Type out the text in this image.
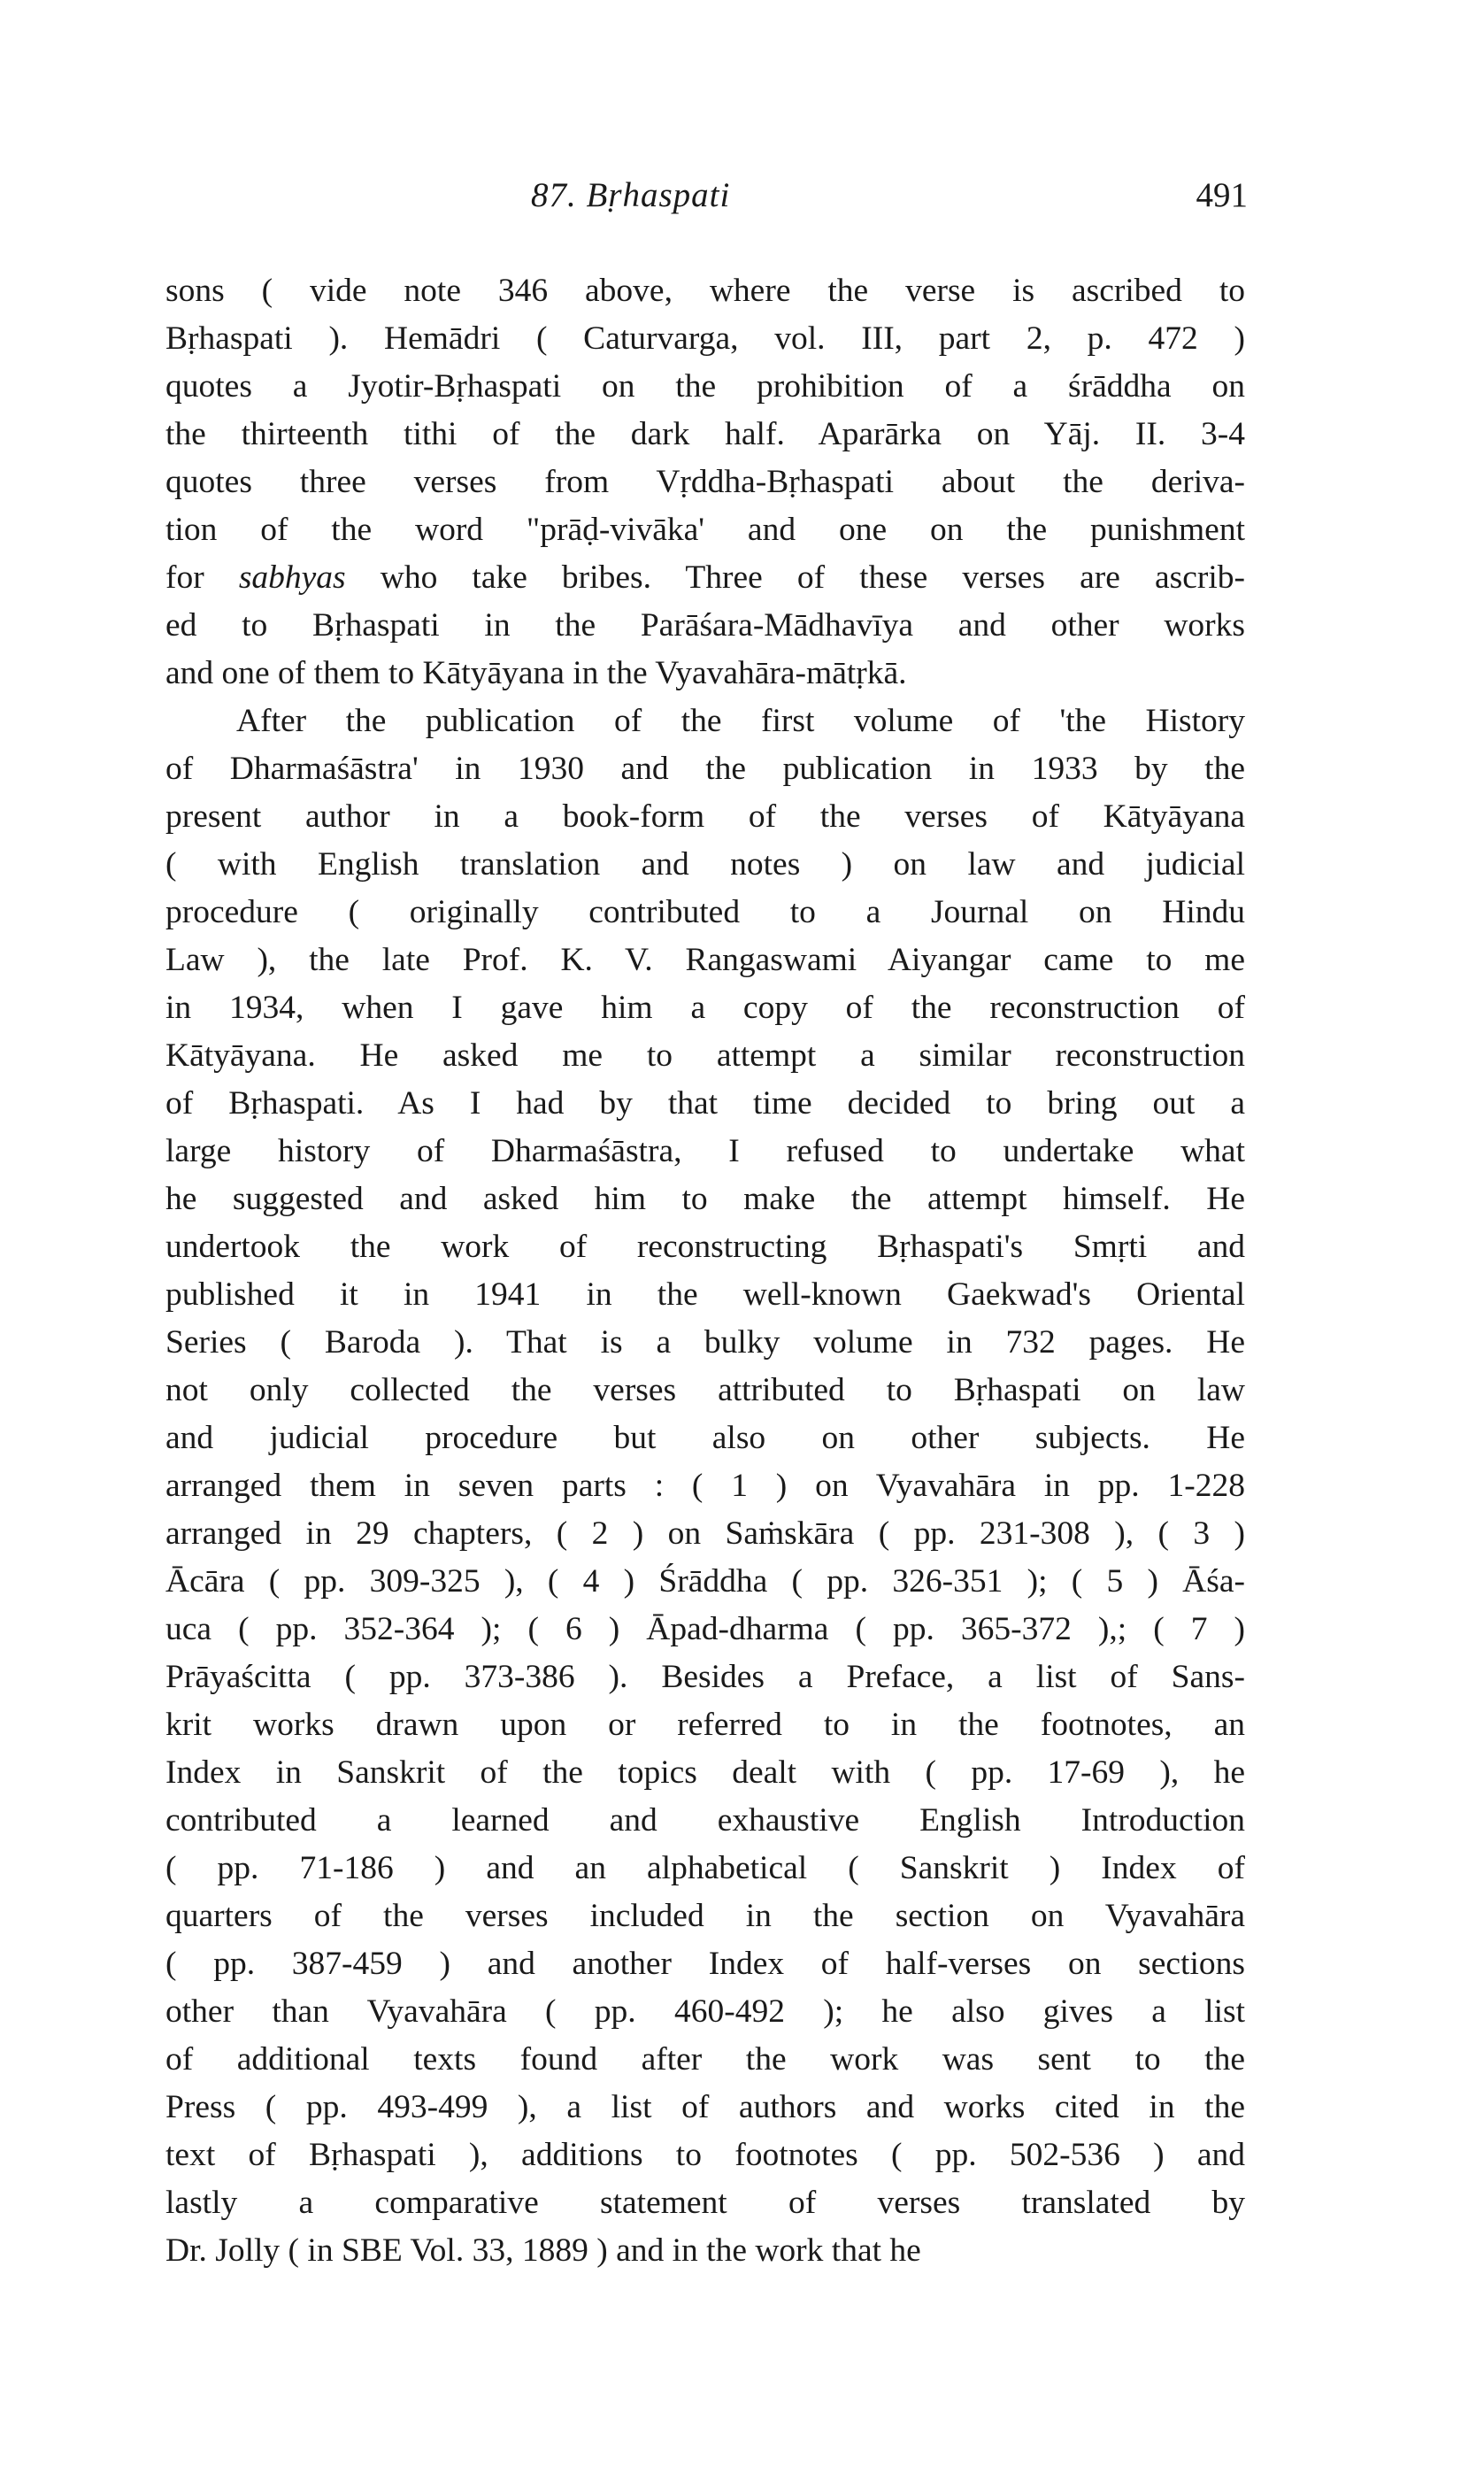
87. Bṛhaspati	491

sons ( vide note 346 above, where the verse is ascribed to
Bṛhaspati ). Hemādri ( Caturvarga, vol. III, part 2, p. 472 )
quotes a Jyotir-Bṛhaspati on the prohibition of a śrāddha on
the thirteenth tithi of the dark half. Aparārka on Yāj. II. 3-4
quotes three verses from Vṛddha-Bṛhaspati about the deriva-
tion of the word "prāḍ-vivāka' and one on the punishment
for sabhyas who take bribes. Three of these verses are ascrib-
ed to Bṛhaspati in the Parāśara-Mādhavīya and other works
and one of them to Kātyāyana in the Vyavahāra-mātṛkā.

After the publication of the first volume of 'the History
of Dharmaśāstra' in 1930 and the publication in 1933 by the
present author in a book-form of the verses of Kātyāyana
( with English translation and notes ) on law and judicial
procedure ( originally contributed to a Journal on Hindu
Law ), the late Prof. K. V. Rangaswami Aiyangar came to me
in 1934, when I gave him a copy of the reconstruction of
Kātyāyana. He asked me to attempt a similar reconstruction
of Bṛhaspati. As I had by that time decided to bring out a
large history of Dharmaśāstra, I refused to undertake what
he suggested and asked him to make the attempt himself. He
undertook the work of reconstructing Bṛhaspati's Smṛti and
published it in 1941 in the well-known Gaekwad's Oriental
Series ( Baroda ). That is a bulky volume in 732 pages. He
not only collected the verses attributed to Bṛhaspati on law
and judicial procedure but also on other subjects. He
arranged them in seven parts : ( 1 ) on Vyavahāra in pp. 1-228
arranged in 29 chapters, ( 2 ) on Saṁskāra ( pp. 231-308 ), ( 3 )
Ācāra ( pp. 309-325 ), ( 4 ) Śrāddha ( pp. 326-351 ); ( 5 ) Āśa-
uca ( pp. 352-364 ); ( 6 ) Āpad-dharma ( pp. 365-372 ),; ( 7 )
Prāyaścitta ( pp. 373-386 ). Besides a Preface, a list of Sans-
krit works drawn upon or referred to in the footnotes, an
Index in Sanskrit of the topics dealt with ( pp. 17-69 ), he
contributed a learned and exhaustive English Introduction
( pp. 71-186 ) and an alphabetical ( Sanskrit ) Index of
quarters of the verses included in the section on Vyavahāra
( pp. 387-459 ) and another Index of half-verses on sections
other than Vyavahāra ( pp. 460-492 ); he also gives a list
of additional texts found after the work was sent to the
Press ( pp. 493-499 ), a list of authors and works cited in the
text of Bṛhaspati ), additions to footnotes ( pp. 502-536 ) and
lastly a comparative statement of verses translated by
Dr. Jolly ( in SBE Vol. 33, 1889 ) and in the work that he
